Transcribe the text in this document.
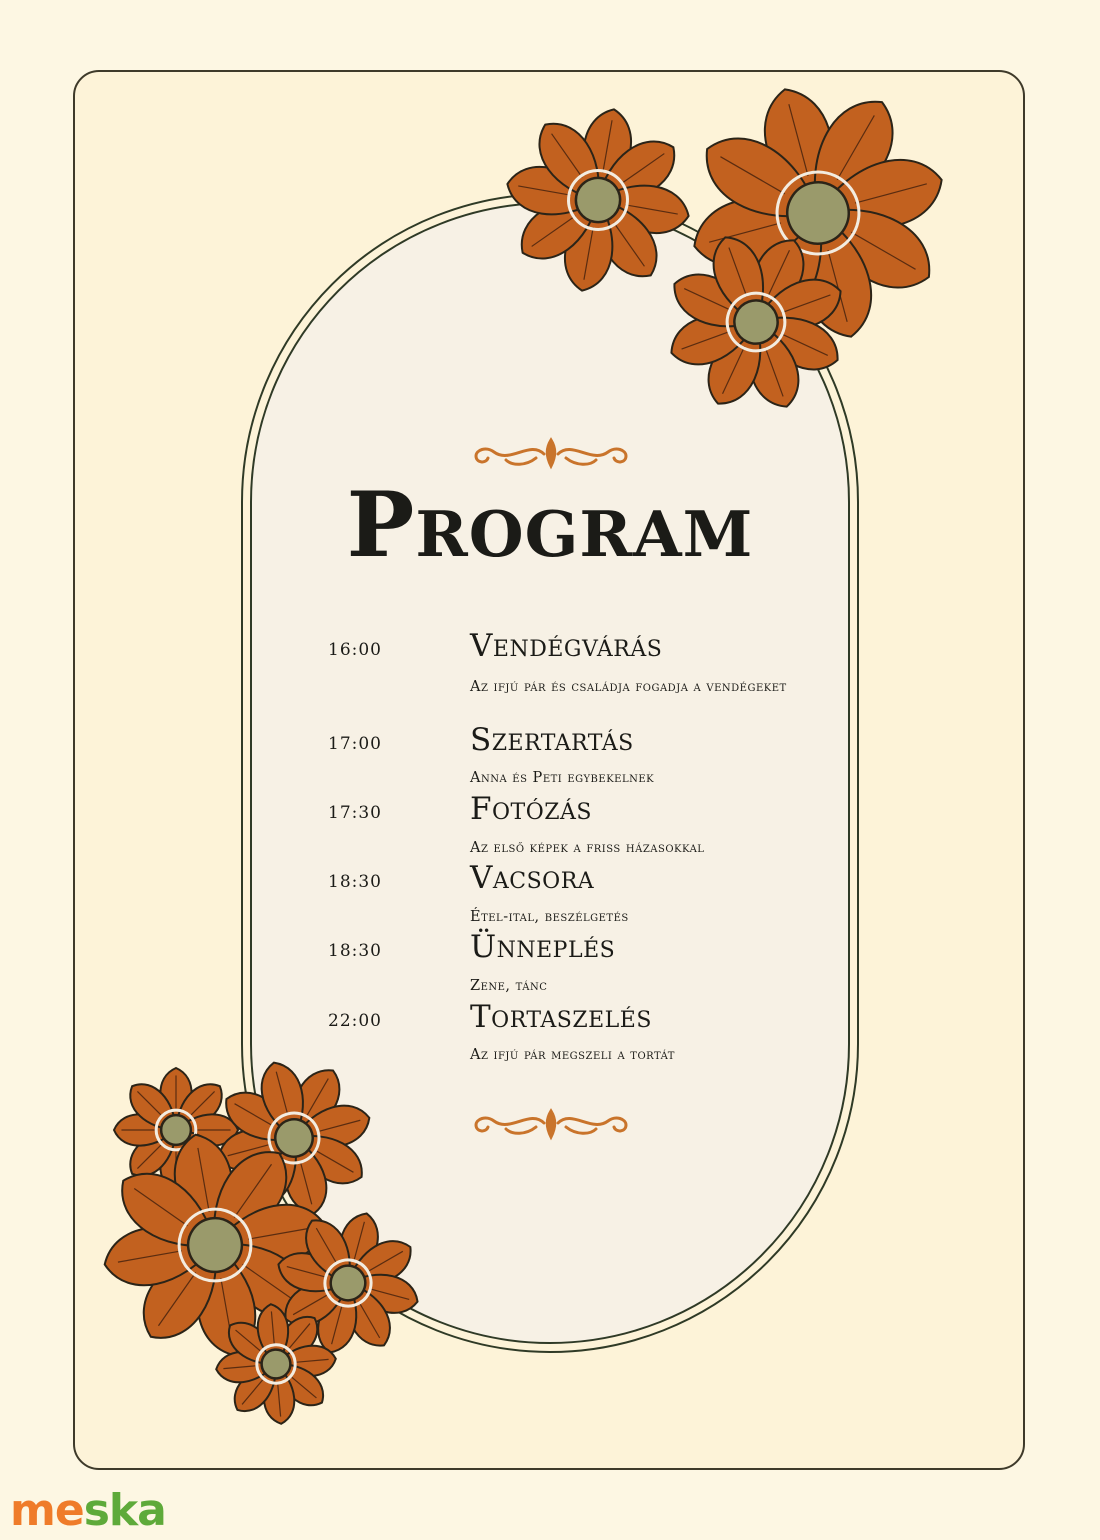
Program
16:00	Vendégvárás
Az ifjú pár és családja fogadja a vendégeket
17:00	Szertartás
Anna és Peti egybekelnek
17:30	Fotózás
Az első képek a friss házasokkal
18:30	Vacsora
Étel-ital, beszélgetés
18:30	Ünneplés
Zene, tánc
22:00	Tortaszelés
Az ifjú pár megszeli a tortát
meska
